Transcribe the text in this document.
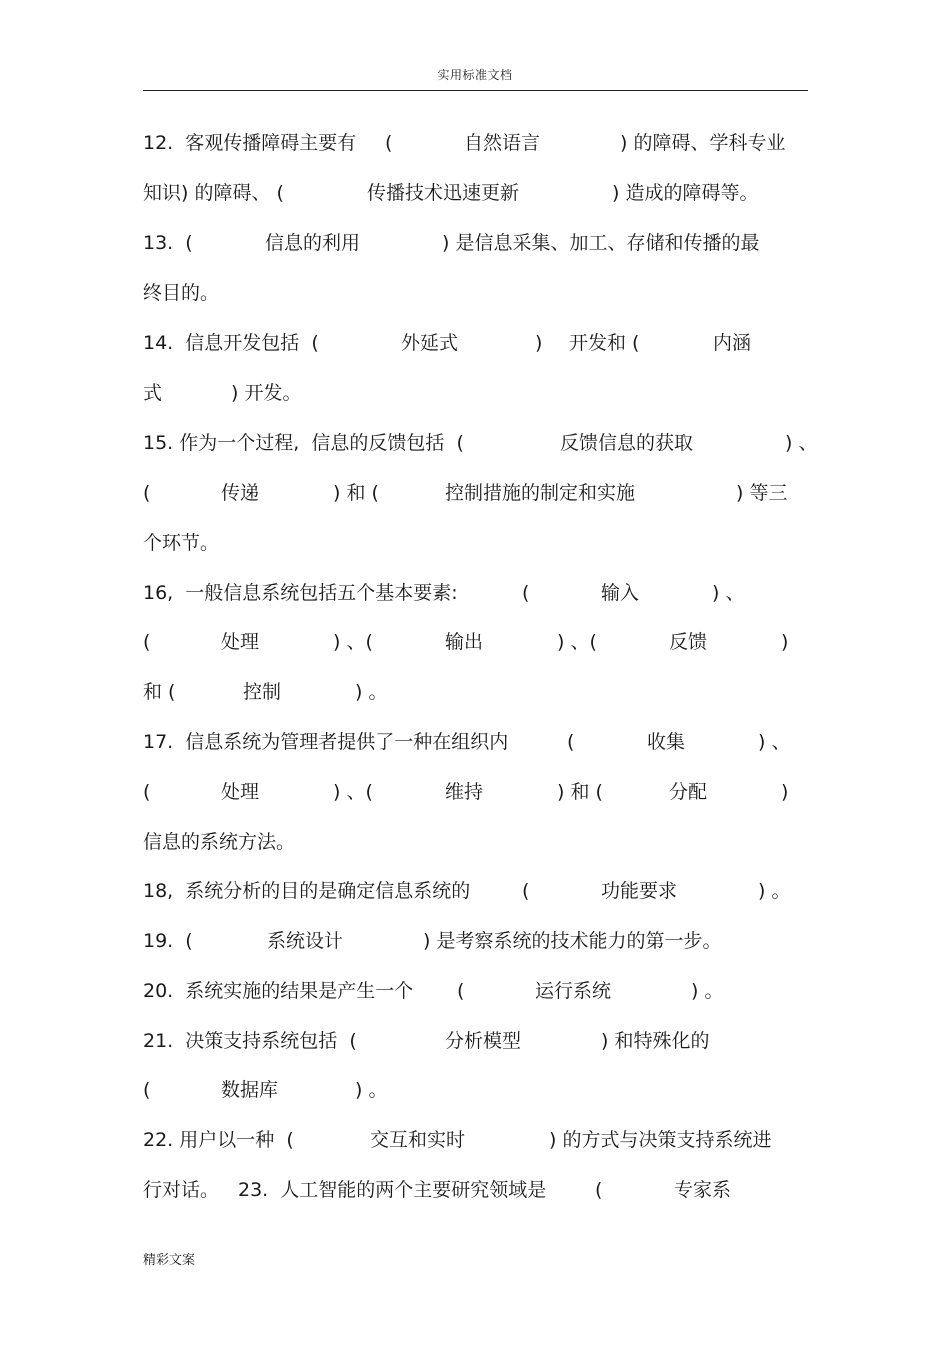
实用标准文档
12.  客观传播障碍主要有 (	自然语言	) 的障碍、学科专业
知识) 的障碍、 (	传播技术迅速更新	) 造成的障碍等。
13.  (	信息的利用	) 是信息采集、加工、存储和传播的最
终目的。
14.  信息开发包括  (	外延式	) 开发和 (	内涵
式	) 开发。
15. 作为一个过程,  信息的反馈包括  (	反馈信息的获取	) 、
(	传递	) 和 (	控制措施的制定和实施	) 等三
个环节。
16,  一般信息系统包括五个基本要素:	(	输入	) 、
(	处理	) 、(	输出	) 、(	反馈	)
和 (	控制	) 。
17.  信息系统为管理者提供了一种在组织内	(	收集	) 、
(	处理	) 、(	维持	) 和 (	分配	)
信息的系统方法。
18,  系统分析的目的是确定信息系统的	(	功能要求	) 。
19.  (	系统设计	) 是考察系统的技术能力的第一步。
20.  系统实施的结果是产生一个 (	运行系统	) 。
21.  决策支持系统包括  (	分析模型	) 和特殊化的
(	数据库	) 。
22. 用户以一种  (	交互和实时	) 的方式与决策支持系统进
行对话。 23.  人工智能的两个主要研究领域是	(	专家系
精彩文案
